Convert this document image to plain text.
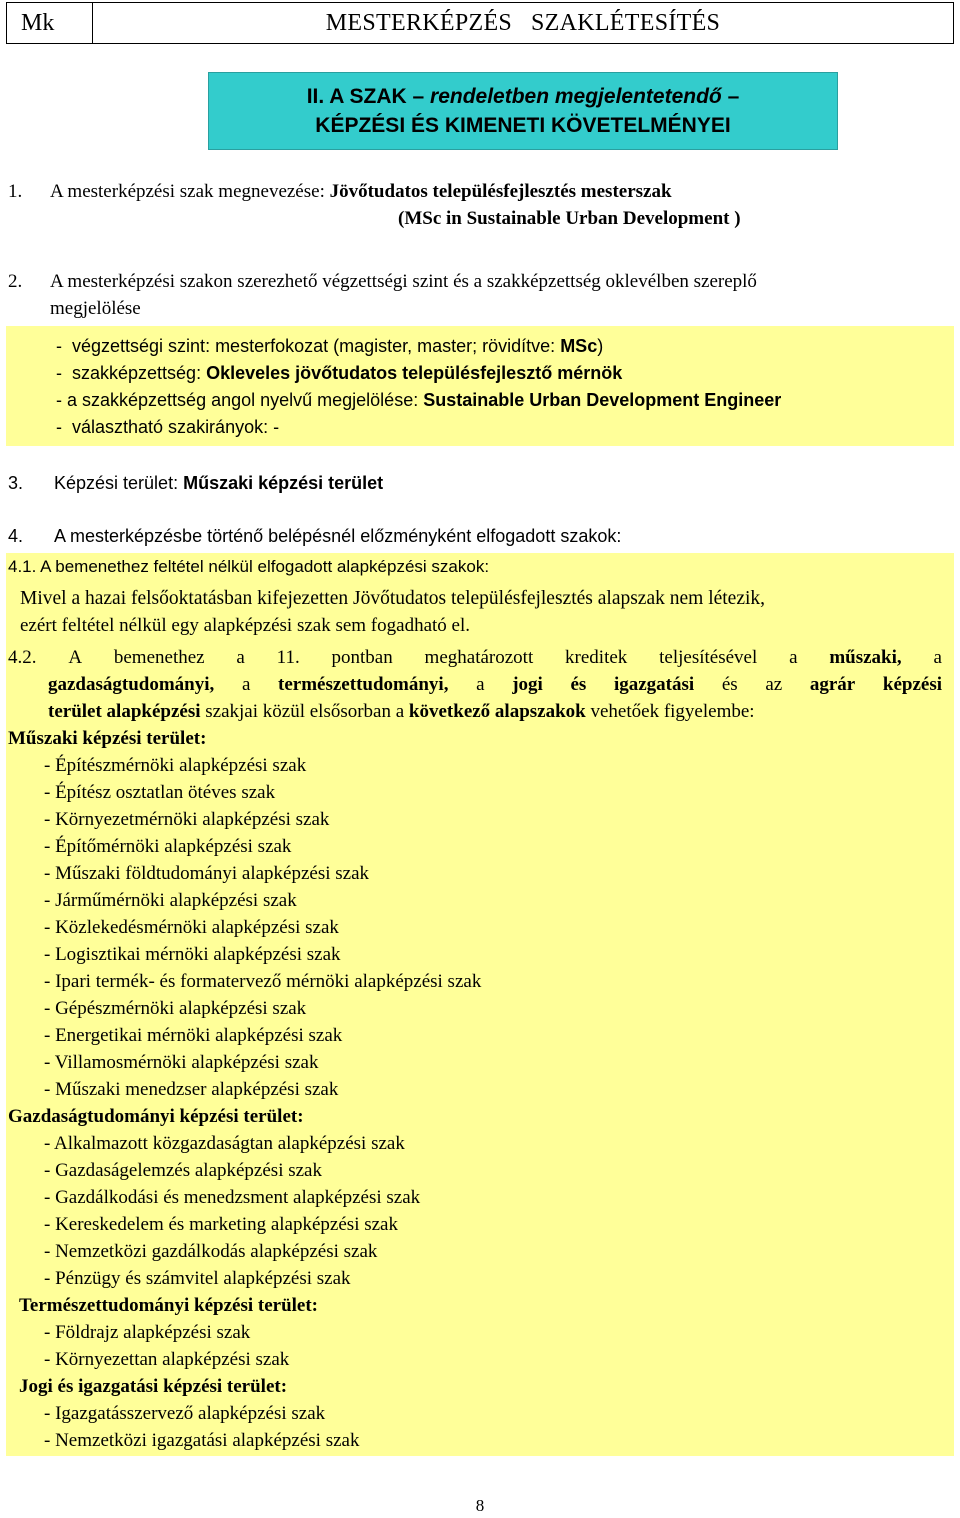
Mk	MESTERKÉPZÉS   SZAKLÉTESÍTÉS
II. A SZAK – rendeletben megjelentetendő –
KÉPZÉSI ÉS KIMENETI KÖVETELMÉNYEI
1. A mesterképzési szak megnevezése: Jövőtudatos településfejlesztés mesterszak
(MSc in Sustainable Urban Development )
2. A mesterképzési szakon szerezhető végzettségi szint és a szakképzettség oklevélben szereplő
megjelölése
-  végzettségi szint: mesterfokozat (magister, master; rövidítve: MSc)
-  szakképzettség: Okleveles jövőtudatos településfejlesztő mérnök
- a szakképzettség angol nyelvű megjelölése: Sustainable Urban Development Engineer
-  választható szakirányok: -
3. Képzési terület: Műszaki képzési terület
4. A mesterképzésbe történő belépésnél előzményként elfogadott szakok:
4.1. A bemenethez feltétel nélkül elfogadott alapképzési szakok:
Mivel a hazai felsőoktatásban kifejezetten Jövőtudatos településfejlesztés alapszak nem létezik,
ezért feltétel nélkül egy alapképzési szak sem fogadható el.
4.2. A bemenethez a 11. pontban meghatározott kreditek teljesítésével a műszaki, a
gazdaságtudományi, a természettudományi, a jogi és igazgatási és az agrár képzési
terület alapképzési szakjai közül elsősorban a következő alapszakok vehetőek figyelembe:
Műszaki képzési terület:
- Építészmérnöki alapképzési szak
- Építész osztatlan ötéves szak
- Környezetmérnöki alapképzési szak
- Építőmérnöki alapképzési szak
- Műszaki földtudományi alapképzési szak
- Járműmérnöki alapképzési szak
- Közlekedésmérnöki alapképzési szak
- Logisztikai mérnöki alapképzési szak
- Ipari termék- és formatervező mérnöki alapképzési szak
- Gépészmérnöki alapképzési szak
- Energetikai mérnöki alapképzési szak
- Villamosmérnöki alapképzési szak
- Műszaki menedzser alapképzési szak
Gazdaságtudományi képzési terület:
- Alkalmazott közgazdaságtan alapképzési szak
- Gazdaságelemzés alapképzési szak
- Gazdálkodási és menedzsment alapképzési szak
- Kereskedelem és marketing alapképzési szak
- Nemzetközi gazdálkodás alapképzési szak
- Pénzügy és számvitel alapképzési szak
Természettudományi képzési terület:
- Földrajz alapképzési szak
- Környezettan alapképzési szak
Jogi és igazgatási képzési terület:
- Igazgatásszervező alapképzési szak
- Nemzetközi igazgatási alapképzési szak
8
